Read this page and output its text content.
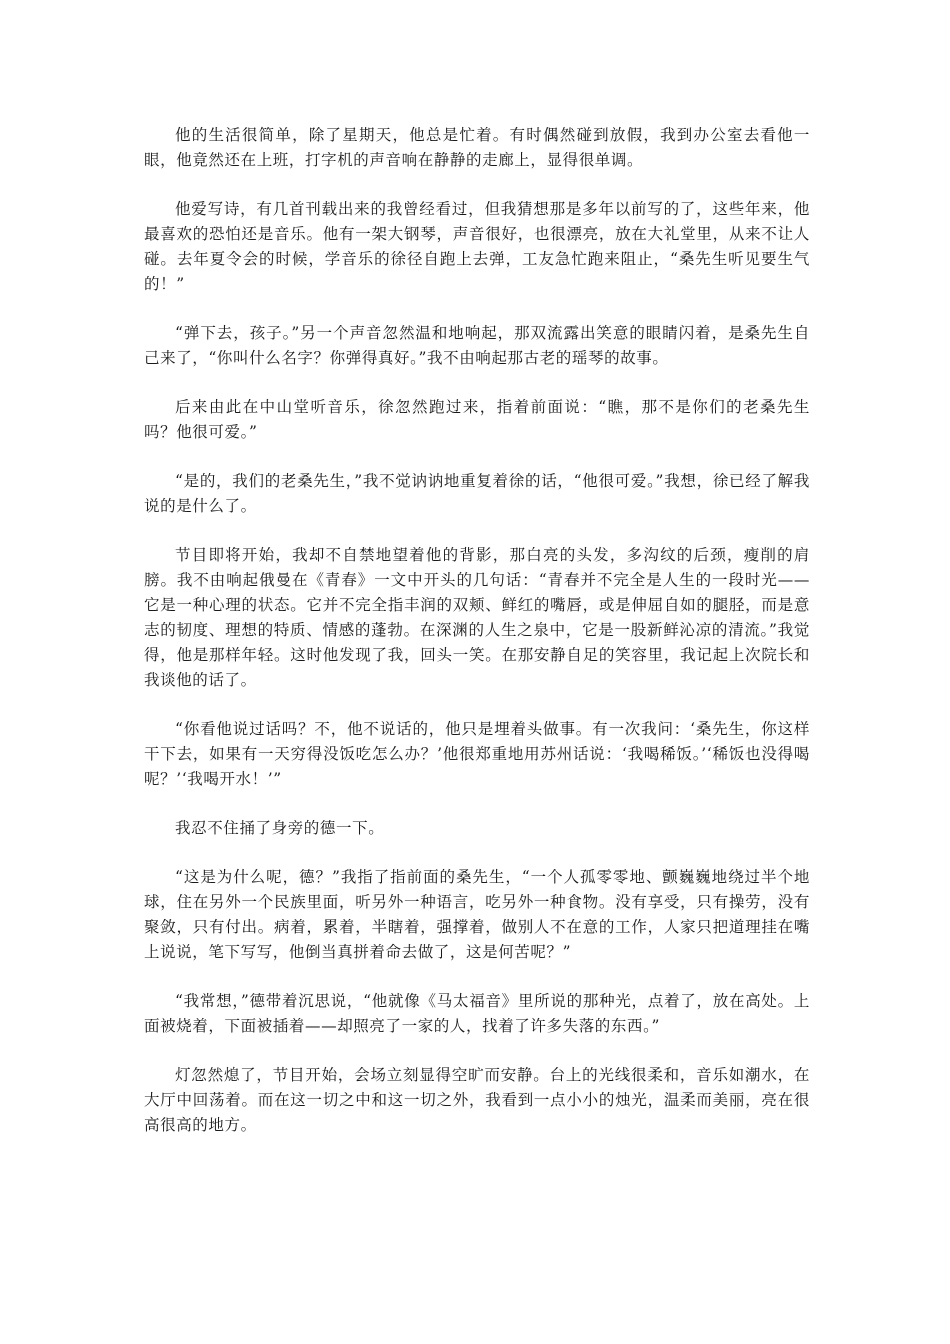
他的生活很简单，除了星期天，他总是忙着。有时偶然碰到放假，我到办公室去看他一眼，他竟然还在上班，打字机的声音响在静静的走廊上，显得很单调。

他爱写诗，有几首刊载出来的我曾经看过，但我猜想那是多年以前写的了，这些年来，他最喜欢的恐怕还是音乐。他有一架大钢琴，声音很好，也很漂亮，放在大礼堂里，从来不让人碰。去年夏令会的时候，学音乐的徐径自跑上去弹，工友急忙跑来阻止，“桑先生听见要生气的！”

“弹下去，孩子。”另一个声音忽然温和地响起，那双流露出笑意的眼睛闪着，是桑先生自己来了，“你叫什么名字？你弹得真好。”我不由响起那古老的瑶琴的故事。

后来由此在中山堂听音乐，徐忽然跑过来，指着前面说：“瞧，那不是你们的老桑先生吗？他很可爱。”

“是的，我们的老桑先生，”我不觉讷讷地重复着徐的话，“他很可爱。”我想，徐已经了解我说的是什么了。

节目即将开始，我却不自禁地望着他的背影，那白亮的头发，多沟纹的后颈，瘦削的肩膀。我不由响起俄曼在《青春》一文中开头的几句话：“青春并不完全是人生的一段时光——它是一种心理的状态。它并不完全指丰润的双颊、鲜红的嘴唇，或是伸屈自如的腿胫，而是意志的韧度、理想的特质、情感的蓬勃。在深渊的人生之泉中，它是一股新鲜沁凉的清流。”我觉得，他是那样年轻。这时他发现了我，回头一笑。在那安静自足的笑容里，我记起上次院长和我谈他的话了。

“你看他说过话吗？不，他不说话的，他只是埋着头做事。有一次我问：‘桑先生，你这样干下去，如果有一天穷得没饭吃怎么办？’他很郑重地用苏州话说：‘我喝稀饭。’‘稀饭也没得喝呢？’‘我喝开水！’”

我忍不住捅了身旁的德一下。

“这是为什么呢，德？”我指了指前面的桑先生，“一个人孤零零地、颤巍巍地绕过半个地球，住在另外一个民族里面，听另外一种语言，吃另外一种食物。没有享受，只有操劳，没有聚敛，只有付出。病着，累着，半瞎着，强撑着，做别人不在意的工作，人家只把道理挂在嘴上说说，笔下写写，他倒当真拼着命去做了，这是何苦呢？”

“我常想，”德带着沉思说，“他就像《马太福音》里所说的那种光，点着了，放在高处。上面被烧着，下面被插着——却照亮了一家的人，找着了许多失落的东西。”

灯忽然熄了，节目开始，会场立刻显得空旷而安静。台上的光线很柔和，音乐如潮水，在大厅中回荡着。而在这一切之中和这一切之外，我看到一点小小的烛光，温柔而美丽，亮在很高很高的地方。
